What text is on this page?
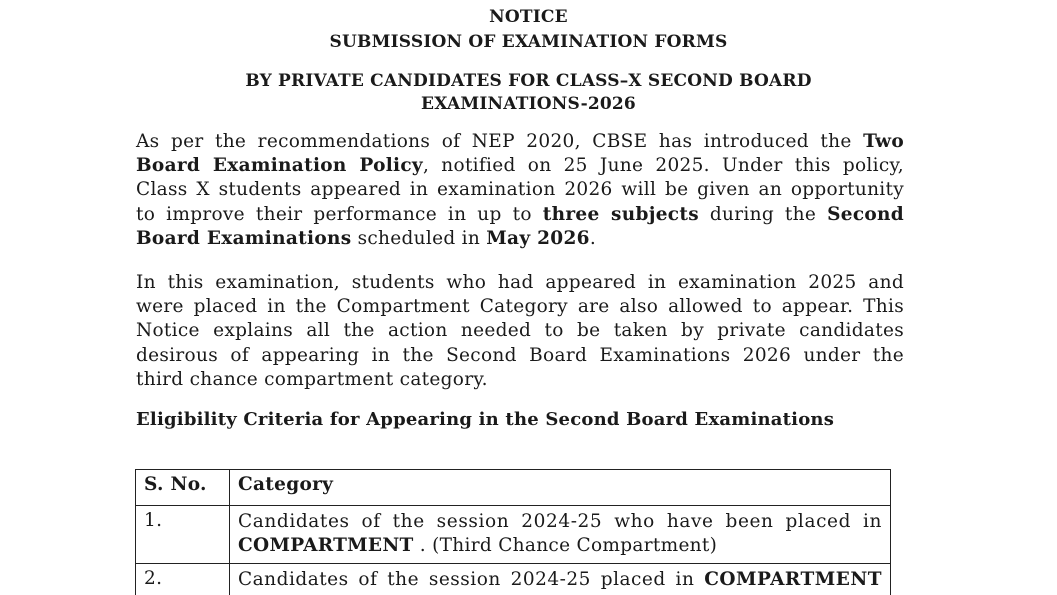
NOTICE
SUBMISSION OF EXAMINATION FORMS
BY PRIVATE CANDIDATES FOR CLASS–X SECOND BOARD
EXAMINATIONS-2026
As per the recommendations of NEP 2020, CBSE has introduced the Two
Board Examination Policy, notified on 25 June 2025. Under this policy,
Class X students appeared in examination 2026 will be given an opportunity
to improve their performance in up to three subjects during the Second
Board Examinations scheduled in May 2026.
In this examination, students who had appeared in examination 2025 and
were placed in the Compartment Category are also allowed to appear. This
Notice explains all the action needed to be taken by private candidates
desirous of appearing in the Second Board Examinations 2026 under the
third chance compartment category.
Eligibility Criteria for Appearing in the Second Board Examinations
S. No.	Category
1.	Candidates of the session 2024-25 who have been placed in
COMPARTMENT . (Third Chance Compartment)

2.	Candidates of the session 2024-25 placed in COMPARTMENT
